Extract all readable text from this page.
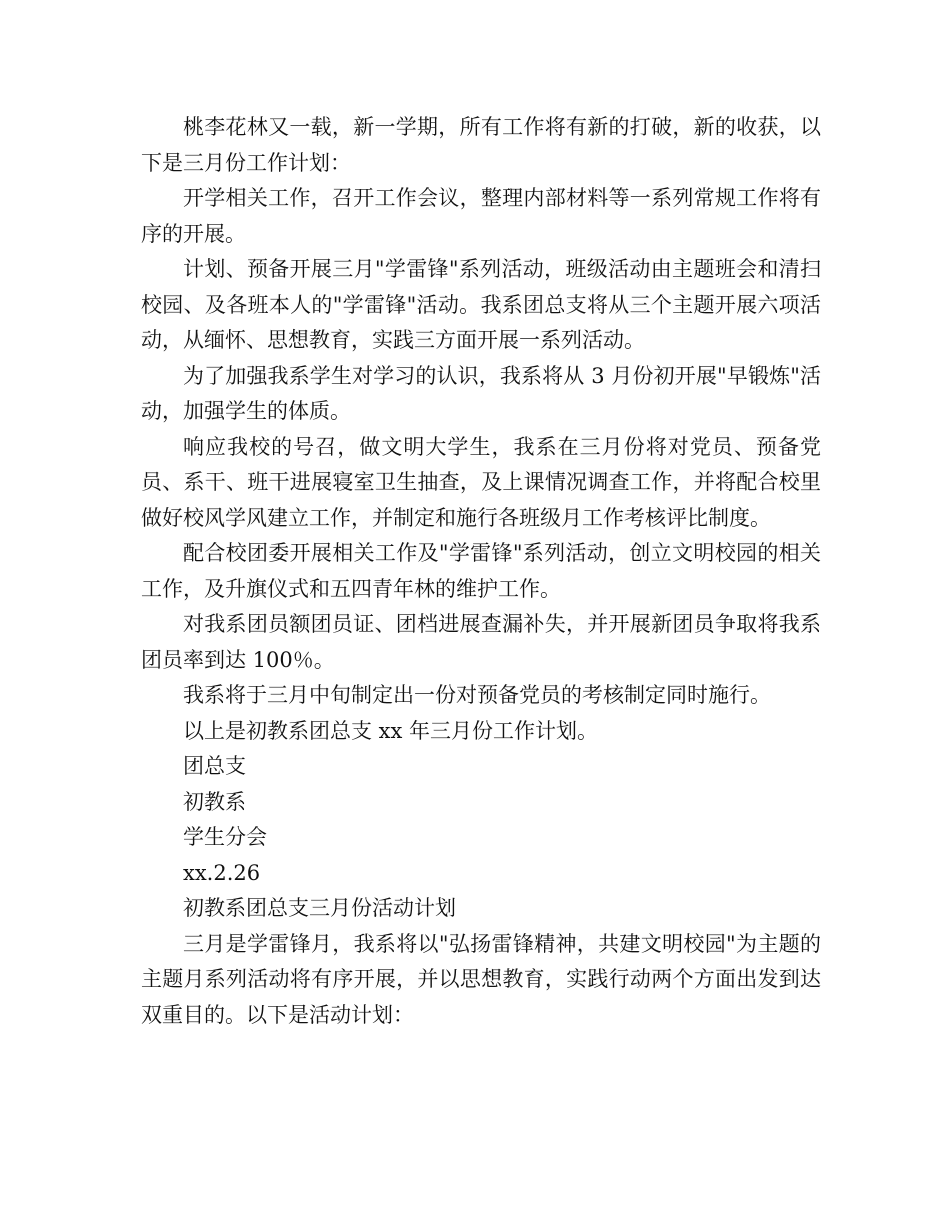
桃李花林又一载，新一学期，所有工作将有新的打破，新的收获，以下是三月份工作计划：

开学相关工作，召开工作会议，整理内部材料等一系列常规工作将有序的开展。

计划、预备开展三月"学雷锋"系列活动，班级活动由主题班会和清扫校园、及各班本人的"学雷锋"活动。我系团总支将从三个主题开展六项活动，从缅怀、思想教育，实践三方面开展一系列活动。

为了加强我系学生对学习的认识，我系将从 3 月份初开展"早锻炼"活动，加强学生的体质。

响应我校的号召，做文明大学生，我系在三月份将对党员、预备党员、系干、班干进展寝室卫生抽查，及上课情况调查工作，并将配合校里做好校风学风建立工作，并制定和施行各班级月工作考核评比制度。

配合校团委开展相关工作及"学雷锋"系列活动，创立文明校园的相关工作，及升旗仪式和五四青年林的维护工作。

对我系团员额团员证、团档进展查漏补失，并开展新团员争取将我系团员率到达 100％。

我系将于三月中旬制定出一份对预备党员的考核制定同时施行。

以上是初教系团总支 xx 年三月份工作计划。

团总支

初教系

学生分会

xx.2.26

初教系团总支三月份活动计划

三月是学雷锋月，我系将以"弘扬雷锋精神，共建文明校园"为主题的主题月系列活动将有序开展，并以思想教育，实践行动两个方面出发到达双重目的。以下是活动计划：
